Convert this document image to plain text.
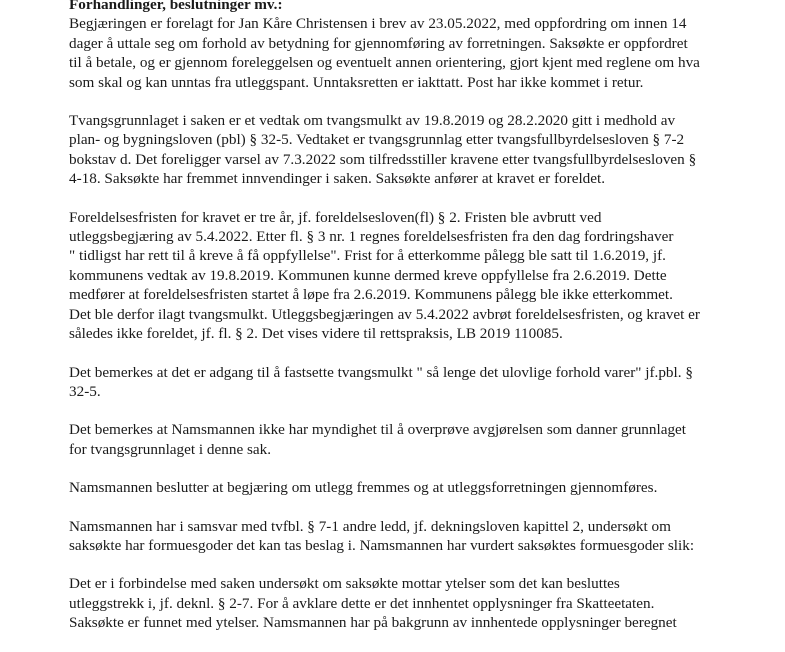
Forhandlinger, beslutninger mv.:
Begjæringen er forelagt for Jan Kåre Christensen i brev av 23.05.2022, med oppfordring om innen 14
dager å uttale seg om forhold av betydning for gjennomføring av forretningen. Saksøkte er oppfordret
til å betale, og er gjennom foreleggelsen og eventuelt annen orientering, gjort kjent med reglene om hva
som skal og kan unntas fra utleggspant. Unntaksretten er iakttatt. Post har ikke kommet i retur.
Tvangsgrunnlaget i saken er et vedtak om tvangsmulkt av 19.8.2019 og 28.2.2020 gitt i medhold av
plan- og bygningsloven (pbl) § 32-5. Vedtaket er tvangsgrunnlag etter tvangsfullbyrdelsesloven § 7-2
bokstav d. Det foreligger varsel av 7.3.2022 som tilfredsstiller kravene etter tvangsfullbyrdelsesloven §
4-18. Saksøkte har fremmet innvendinger i saken. Saksøkte anfører at kravet er foreldet.
Foreldelsesfristen for kravet er tre år, jf. foreldelsesloven(fl) § 2. Fristen ble avbrutt ved
utleggsbegjæring av 5.4.2022. Etter fl. § 3 nr. 1 regnes foreldelsesfristen fra den dag fordringshaver
" tidligst har rett til å kreve å få oppfyllelse". Frist for å etterkomme pålegg ble satt til 1.6.2019, jf.
kommunens vedtak av 19.8.2019. Kommunen kunne dermed kreve oppfyllelse fra 2.6.2019. Dette
medfører at foreldelsesfristen startet å løpe fra 2.6.2019. Kommunens pålegg ble ikke etterkommet.
Det ble derfor ilagt tvangsmulkt. Utleggsbegjæringen av 5.4.2022 avbrøt foreldelsesfristen, og kravet er
således ikke foreldet, jf. fl. § 2. Det vises videre til rettspraksis, LB 2019 110085.
Det bemerkes at det er adgang til å fastsette tvangsmulkt " så lenge det ulovlige forhold varer" jf.pbl. §
32-5.
Det bemerkes at Namsmannen ikke har myndighet til å overprøve avgjørelsen som danner grunnlaget
for tvangsgrunnlaget i denne sak.
Namsmannen beslutter at begjæring om utlegg fremmes og at utleggsforretningen gjennomføres.
Namsmannen har i samsvar med tvfbl. § 7-1 andre ledd, jf. dekningsloven kapittel 2, undersøkt om
saksøkte har formuesgoder det kan tas beslag i. Namsmannen har vurdert saksøktes formuesgoder slik:
Det er i forbindelse med saken undersøkt om saksøkte mottar ytelser som det kan besluttes
utleggstrekk i, jf. deknl. § 2-7. For å avklare dette er det innhentet opplysninger fra Skatteetaten.
Saksøkte er funnet med ytelser. Namsmannen har på bakgrunn av innhentede opplysninger beregnet
